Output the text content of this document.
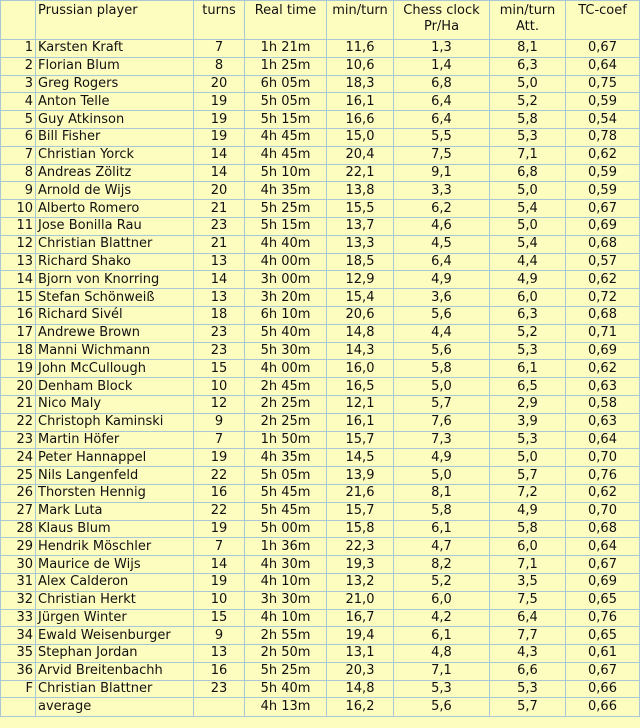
	Prussian player	turns	Real time	min/turn	Chess clock Pr/Ha	min/turn Att.	TC-coef
1	Karsten Kraft	7	1h 21m	11,6	1,3	8,1	0,67
2	Florian Blum	8	1h 25m	10,6	1,4	6,3	0,64
3	Greg Rogers	20	6h 05m	18,3	6,8	5,0	0,75
4	Anton Telle	19	5h 05m	16,1	6,4	5,2	0,59
5	Guy Atkinson	19	5h 15m	16,6	6,4	5,8	0,54
6	Bill Fisher	19	4h 45m	15,0	5,5	5,3	0,78
7	Christian Yorck	14	4h 45m	20,4	7,5	7,1	0,62
8	Andreas Zölitz	14	5h 10m	22,1	9,1	6,8	0,59
9	Arnold de Wijs	20	4h 35m	13,8	3,3	5,0	0,59
10	Alberto Romero	21	5h 25m	15,5	6,2	5,4	0,67
11	Jose Bonilla Rau	23	5h 15m	13,7	4,6	5,0	0,69
12	Christian Blattner	21	4h 40m	13,3	4,5	5,4	0,68
13	Richard Shako	13	4h 00m	18,5	6,4	4,4	0,57
14	Bjorn von Knorring	14	3h 00m	12,9	4,9	4,9	0,62
15	Stefan Schönweiß	13	3h 20m	15,4	3,6	6,0	0,72
16	Richard Sivél	18	6h 10m	20,6	5,6	6,3	0,68
17	Andrewe Brown	23	5h 40m	14,8	4,4	5,2	0,71
18	Manni Wichmann	23	5h 30m	14,3	5,6	5,3	0,69
19	John McCullough	15	4h 00m	16,0	5,8	6,1	0,62
20	Denham Block	10	2h 45m	16,5	5,0	6,5	0,63
21	Nico Maly	12	2h 25m	12,1	5,7	2,9	0,58
22	Christoph Kaminski	9	2h 25m	16,1	7,6	3,9	0,63
23	Martin Höfer	7	1h 50m	15,7	7,3	5,3	0,64
24	Peter Hannappel	19	4h 35m	14,5	4,9	5,0	0,70
25	Nils Langenfeld	22	5h 05m	13,9	5,0	5,7	0,76
26	Thorsten Hennig	16	5h 45m	21,6	8,1	7,2	0,62
27	Mark Luta	22	5h 45m	15,7	5,8	4,9	0,70
28	Klaus Blum	19	5h 00m	15,8	6,1	5,8	0,68
29	Hendrik Möschler	7	1h 36m	22,3	4,7	6,0	0,64
30	Maurice de Wijs	14	4h 30m	19,3	8,2	7,1	0,67
31	Alex Calderon	19	4h 10m	13,2	5,2	3,5	0,69
32	Christian Herkt	10	3h 30m	21,0	6,0	7,5	0,65
33	Jürgen Winter	15	4h 10m	16,7	4,2	6,4	0,76
34	Ewald Weisenburger	9	2h 55m	19,4	6,1	7,7	0,65
35	Stephan Jordan	13	2h 50m	13,1	4,8	4,3	0,61
36	Arvid Breitenbachh	16	5h 25m	20,3	7,1	6,6	0,67
F	Christian Blattner	23	5h 40m	14,8	5,3	5,3	0,66
	average		4h 13m	16,2	5,6	5,7	0,66
